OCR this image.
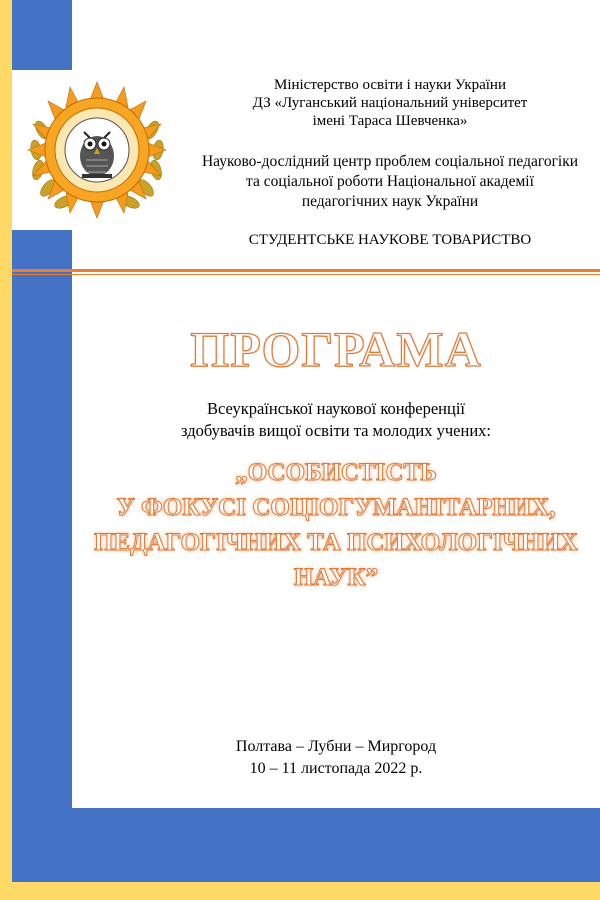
Міністерство освіти і науки України
ДЗ «Луганський національний університет
імені Тараса Шевченка»
Науково-дослідний центр проблем соціальної педагогіки
та соціальної роботи Національної академії
педагогічних наук України
СТУДЕНТСЬКЕ НАУКОВЕ ТОВАРИСТВО
ПРОГРАМА
Всеукраїнської наукової конференції
здобувачів вищої освіти та молодих учених:
„ОСОБИСТІСТЬ
У ФОКУСІ СОЦІОГУМАНІТАРНИХ,
ПЕДАГОГІЧНИХ ТА ПСИХОЛОГІЧНИХ
НАУК”
Полтава – Лубни – Миргород
10 – 11 листопада 2022 р.
